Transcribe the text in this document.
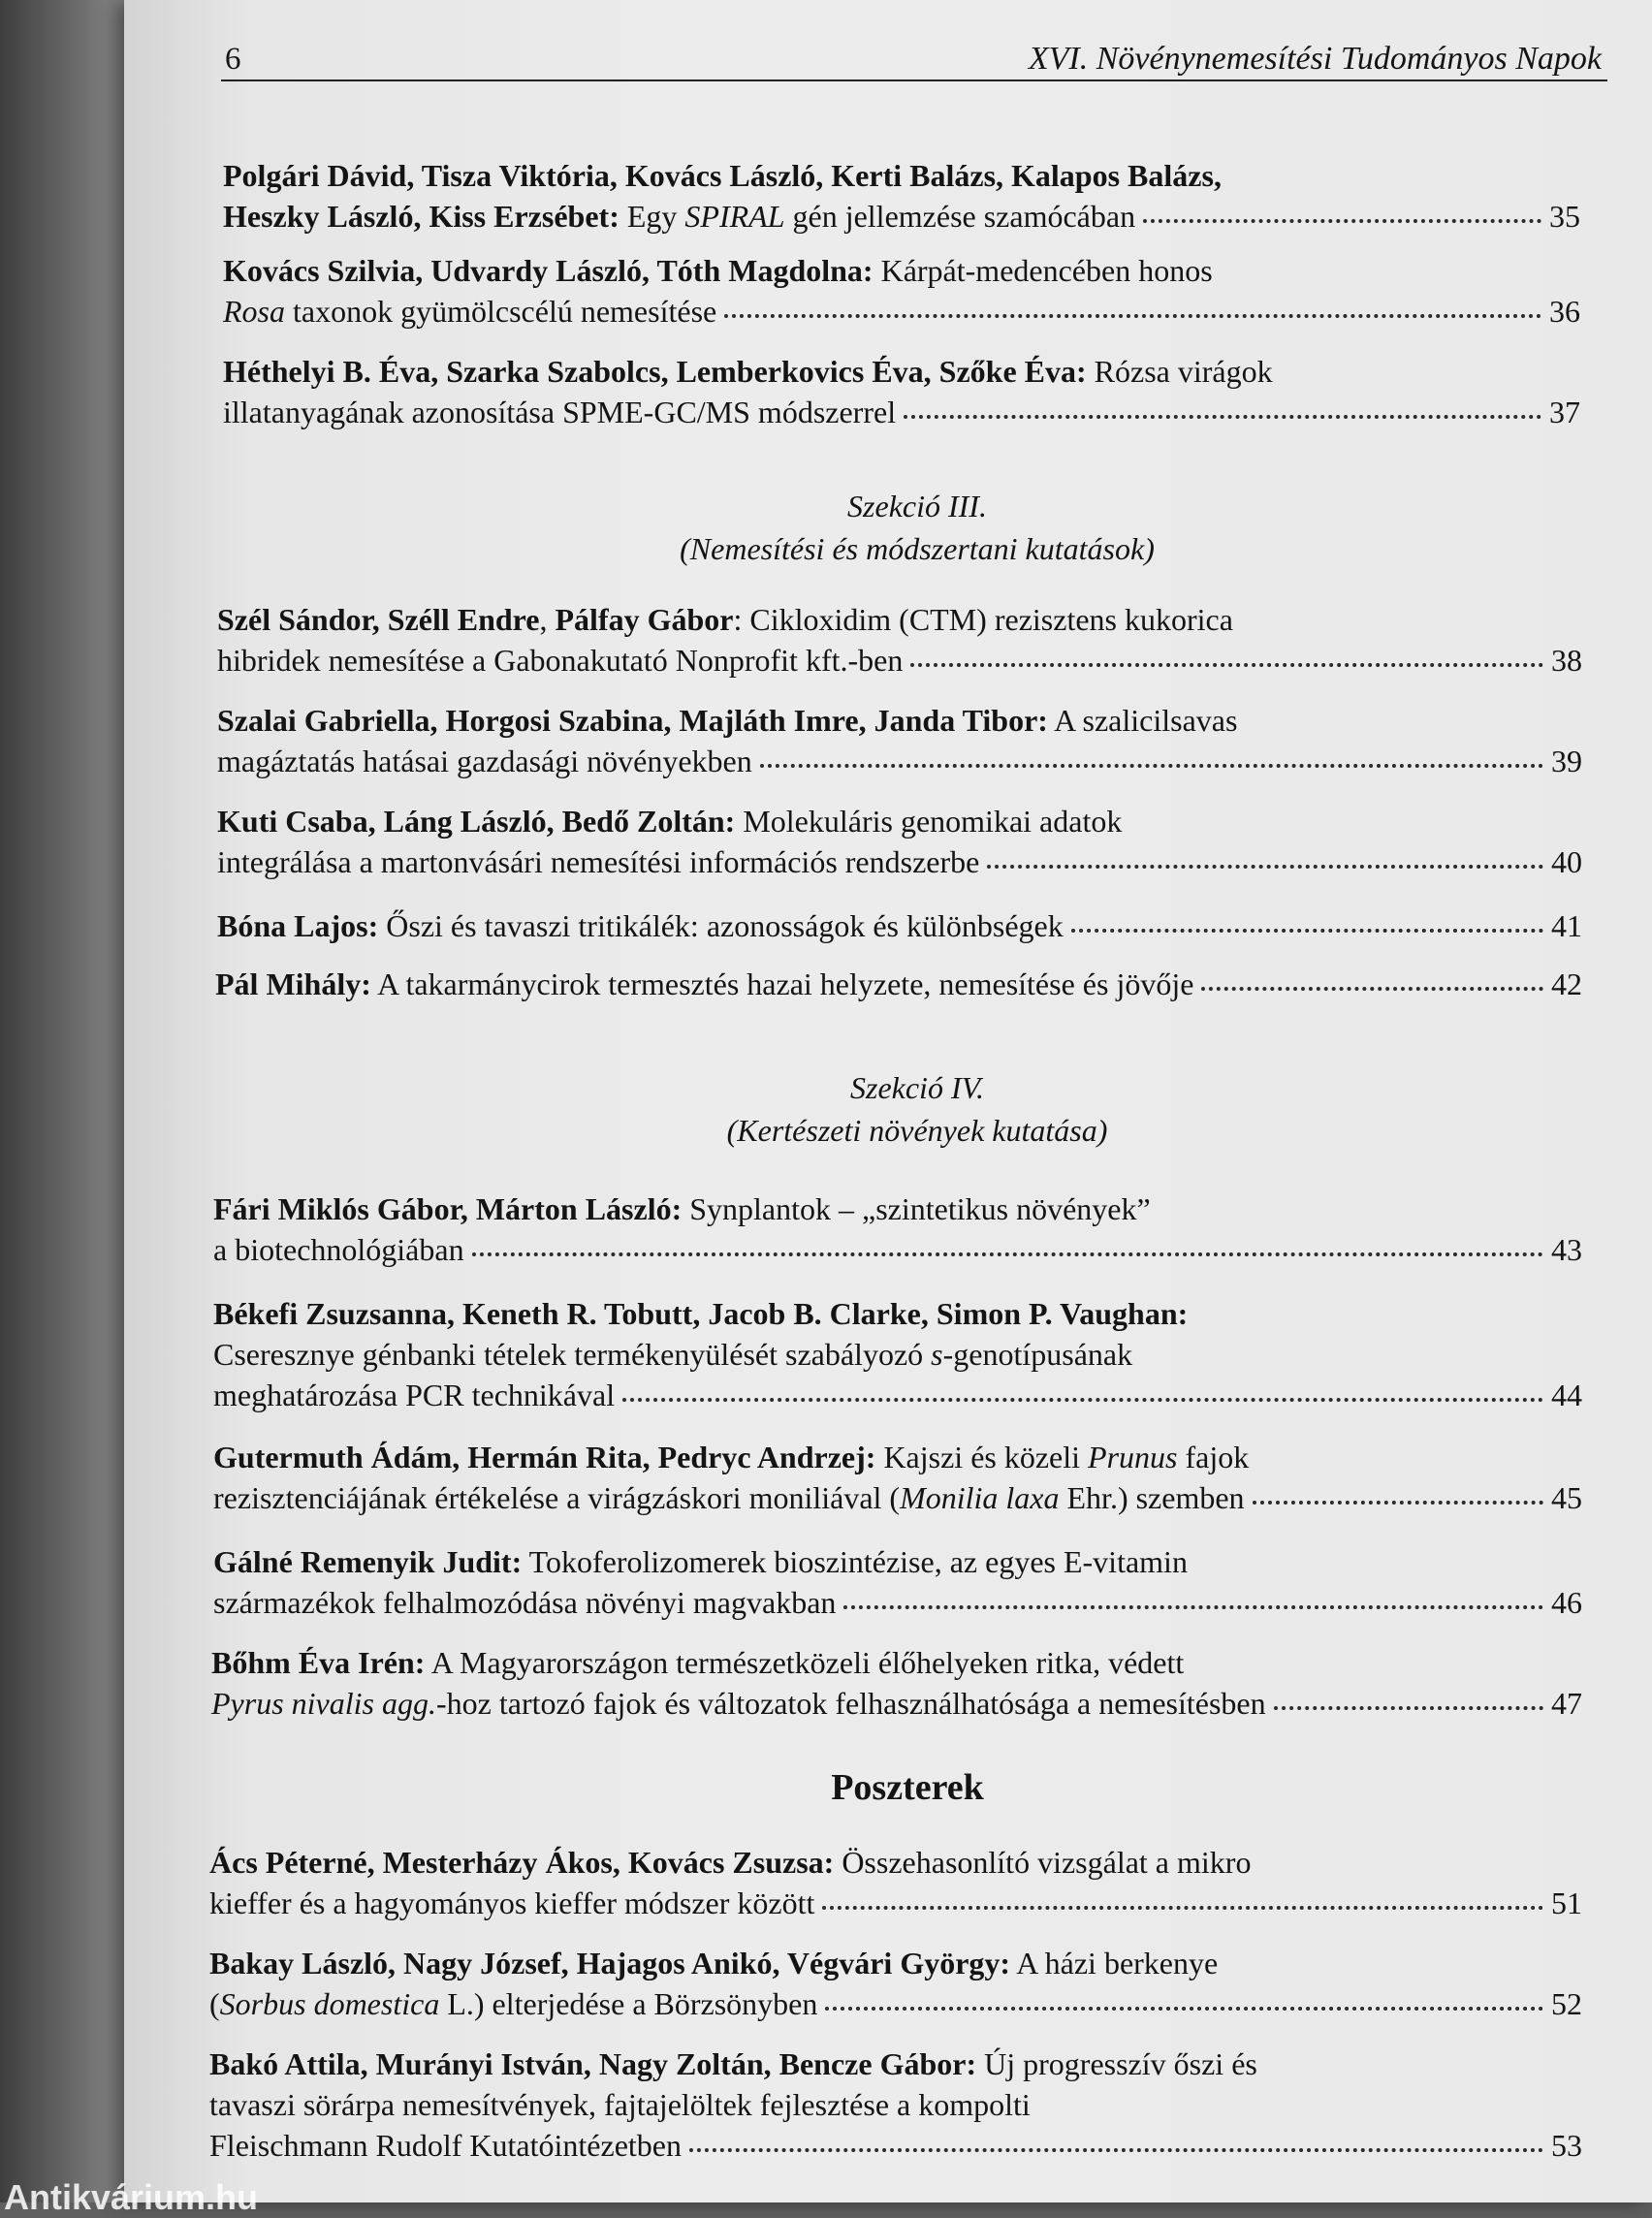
6	XVI. Növénynemesítési Tudományos Napok
Polgári Dávid, Tisza Viktória, Kovács László, Kerti Balázs, Kalapos Balázs,
Heszky László, Kiss Erzsébet: Egy SPIRAL gén jellemzése szamócában	35
Kovács Szilvia, Udvardy László, Tóth Magdolna: Kárpát-medencében honos
Rosa taxonok gyümölcscélú nemesítése	36
Héthelyi B. Éva, Szarka Szabolcs, Lemberkovics Éva, Szőke Éva: Rózsa virágok
illatanyagának azonosítása SPME-GC/MS módszerrel	37
Szél Sándor, Széll Endre, Pálfay Gábor: Cikloxidim (CTM) rezisztens kukorica
hibridek nemesítése a Gabonakutató Nonprofit kft.-ben	38
Szalai Gabriella, Horgosi Szabina, Majláth Imre, Janda Tibor: A szalicilsavas
magáztatás hatásai gazdasági növényekben	39
Kuti Csaba, Láng László, Bedő Zoltán: Molekuláris genomikai adatok
integrálása a martonvásári nemesítési információs rendszerbe	40
Bóna Lajos: Őszi és tavaszi tritikálék: azonosságok és különbségek	41
Pál Mihály: A takarmánycirok termesztés hazai helyzete, nemesítése és jövője	42
Fári Miklós Gábor, Márton László: Synplantok – „szintetikus növények”
a biotechnológiában	43
Békefi Zsuzsanna, Keneth R. Tobutt, Jacob B. Clarke, Simon P. Vaughan:
Cseresznye génbanki tételek termékenyülését szabályozó s-genotípusának
meghatározása PCR technikával	44
Gutermuth Ádám, Hermán Rita, Pedryc Andrzej: Kajszi és közeli Prunus fajok
rezisztenciájának értékelése a virágzáskori moniliával (Monilia laxa Ehr.) szemben	45
Gálné Remenyik Judit: Tokoferolizomerek bioszintézise, az egyes E-vitamin
származékok felhalmozódása növényi magvakban	46
Bőhm Éva Irén: A Magyarországon természetközeli élőhelyeken ritka, védett
Pyrus nivalis agg.-hoz tartozó fajok és változatok felhasználhatósága a nemesítésben	47
Ács Péterné, Mesterházy Ákos, Kovács Zsuzsa: Összehasonlító vizsgálat a mikro
kieffer és a hagyományos kieffer módszer között	51
Bakay László, Nagy József, Hajagos Anikó, Végvári György: A házi berkenye
(Sorbus domestica L.) elterjedése a Börzsönyben	52
Bakó Attila, Murányi István, Nagy Zoltán, Bencze Gábor: Új progresszív őszi és
tavaszi sörárpa nemesítvények, fajtajelöltek fejlesztése a kompolti
Fleischmann Rudolf Kutatóintézetben	53
Szekció III.
(Nemesítési és módszertani kutatások)
Szekció IV.
(Kertészeti növények kutatása)
Poszterek
Antikvárium.hu
